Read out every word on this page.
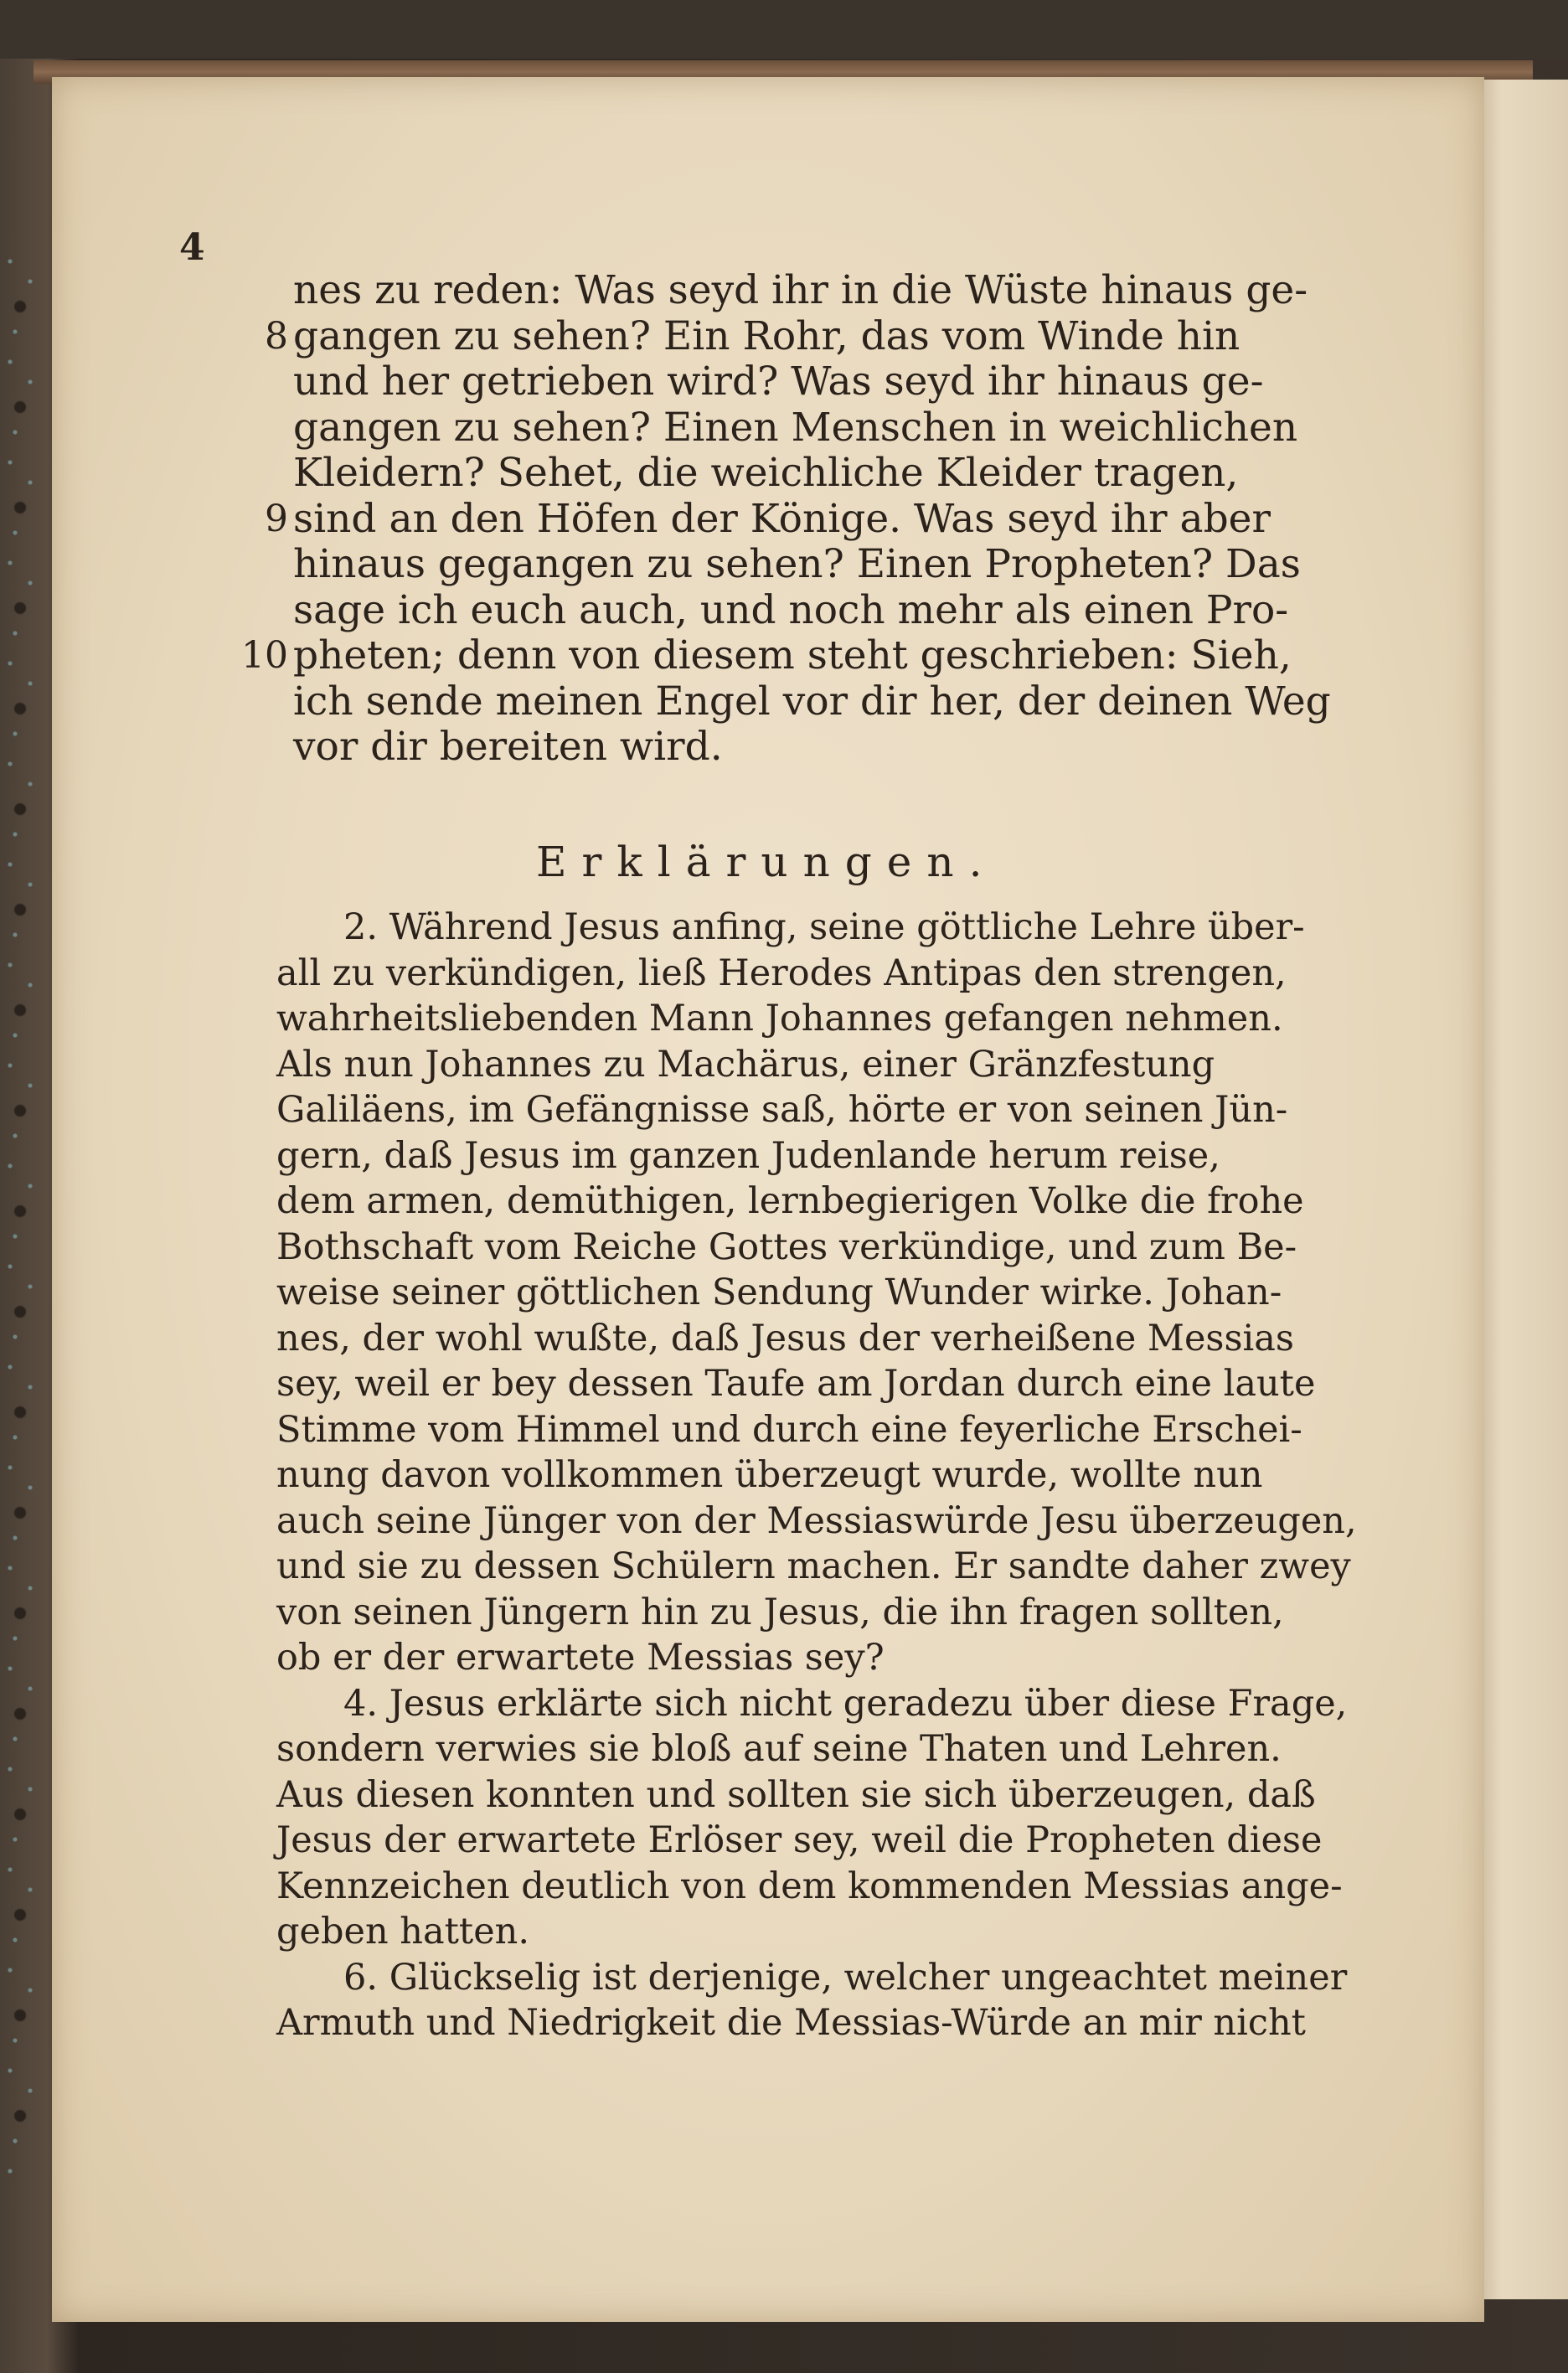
4
nes zu reden: Was seyd ihr in die Wüste hinaus ge-
8 gangen zu sehen? Ein Rohr, das vom Winde hin
und her getrieben wird? Was seyd ihr hinaus ge-
gangen zu sehen? Einen Menschen in weichlichen
Kleidern? Sehet, die weichliche Kleider tragen,
9 sind an den Höfen der Könige. Was seyd ihr aber
hinaus gegangen zu sehen? Einen Propheten? Das
sage ich euch auch, und noch mehr als einen Pro-
10 pheten; denn von diesem steht geschrieben: Sieh,
ich sende meinen Engel vor dir her, der deinen Weg
vor dir bereiten wird.
Erklärungen.
2. Während Jesus anfing, seine göttliche Lehre über-
all zu verkündigen, ließ Herodes Antipas den strengen,
wahrheitsliebenden Mann Johannes gefangen nehmen.
Als nun Johannes zu Machärus, einer Gränzfestung
Galiläens, im Gefängnisse saß, hörte er von seinen Jün-
gern, daß Jesus im ganzen Judenlande herum reise,
dem armen, demüthigen, lernbegierigen Volke die frohe
Bothschaft vom Reiche Gottes verkündige, und zum Be-
weise seiner göttlichen Sendung Wunder wirke. Johan-
nes, der wohl wußte, daß Jesus der verheißene Messias
sey, weil er bey dessen Taufe am Jordan durch eine laute
Stimme vom Himmel und durch eine feyerliche Erschei-
nung davon vollkommen überzeugt wurde, wollte nun
auch seine Jünger von der Messiaswürde Jesu überzeugen,
und sie zu dessen Schülern machen. Er sandte daher zwey
von seinen Jüngern hin zu Jesus, die ihn fragen sollten,
ob er der erwartete Messias sey?
4. Jesus erklärte sich nicht geradezu über diese Frage,
sondern verwies sie bloß auf seine Thaten und Lehren.
Aus diesen konnten und sollten sie sich überzeugen, daß
Jesus der erwartete Erlöser sey, weil die Propheten diese
Kennzeichen deutlich von dem kommenden Messias ange-
geben hatten.
6. Glückselig ist derjenige, welcher ungeachtet meiner
Armuth und Niedrigkeit die Messias-Würde an mir nicht
